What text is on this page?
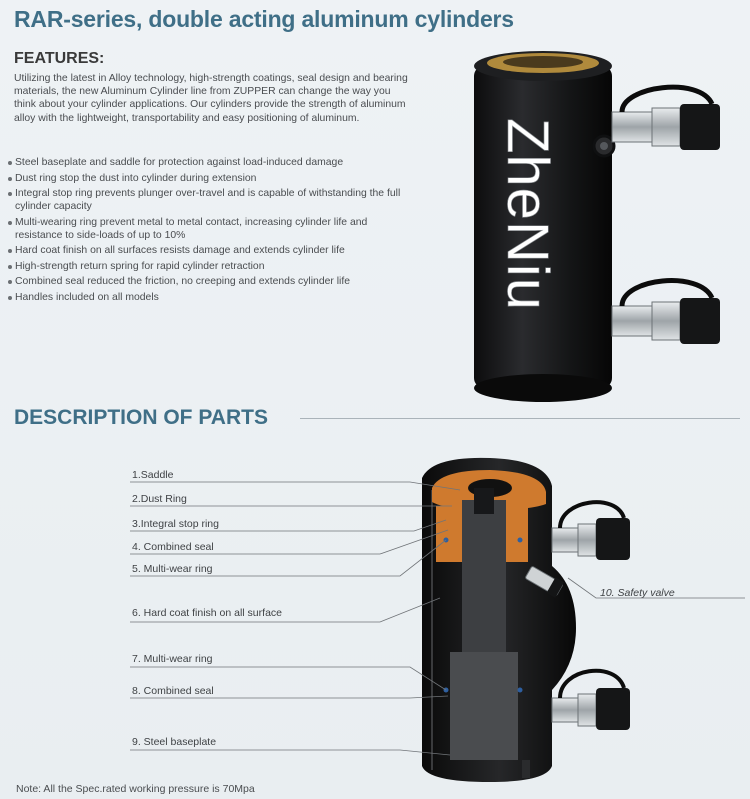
RAR-series, double acting aluminum cylinders
FEATURES:
Utilizing the latest in Alloy technology, high-strength coatings, seal design and bearing materials, the new Aluminum Cylinder line from ZUPPER can change the way you think about your cylinder applications. Our cylinders provide the strength of aluminum alloy with the lightweight, transportability and easy positioning of aluminum.
Steel baseplate and saddle for protection against load-induced damage
Dust ring stop the dust into cylinder during extension
Integral stop ring prevents plunger over-travel and is capable of withstanding the full cylinder capacity
Multi-wearing ring prevent metal to metal contact, increasing cylinder life and resistance to side-loads of up to 10%
Hard coat finish on all surfaces resists damage and extends cylinder life
High-strength return spring for rapid cylinder retraction
Combined seal reduced the friction, no creeping and extends cylinder life
Handles included on all models	ZheNiu
DESCRIPTION OF PARTS
1.Saddle
2.Dust Ring
3.Integral stop ring
4. Combined seal
5. Multi-wear ring
6. Hard coat finish on all surface
7. Multi-wear ring
8. Combined seal
9. Steel baseplate
10. Safety valve
Note: All the Spec.rated working pressure is 70Mpa
